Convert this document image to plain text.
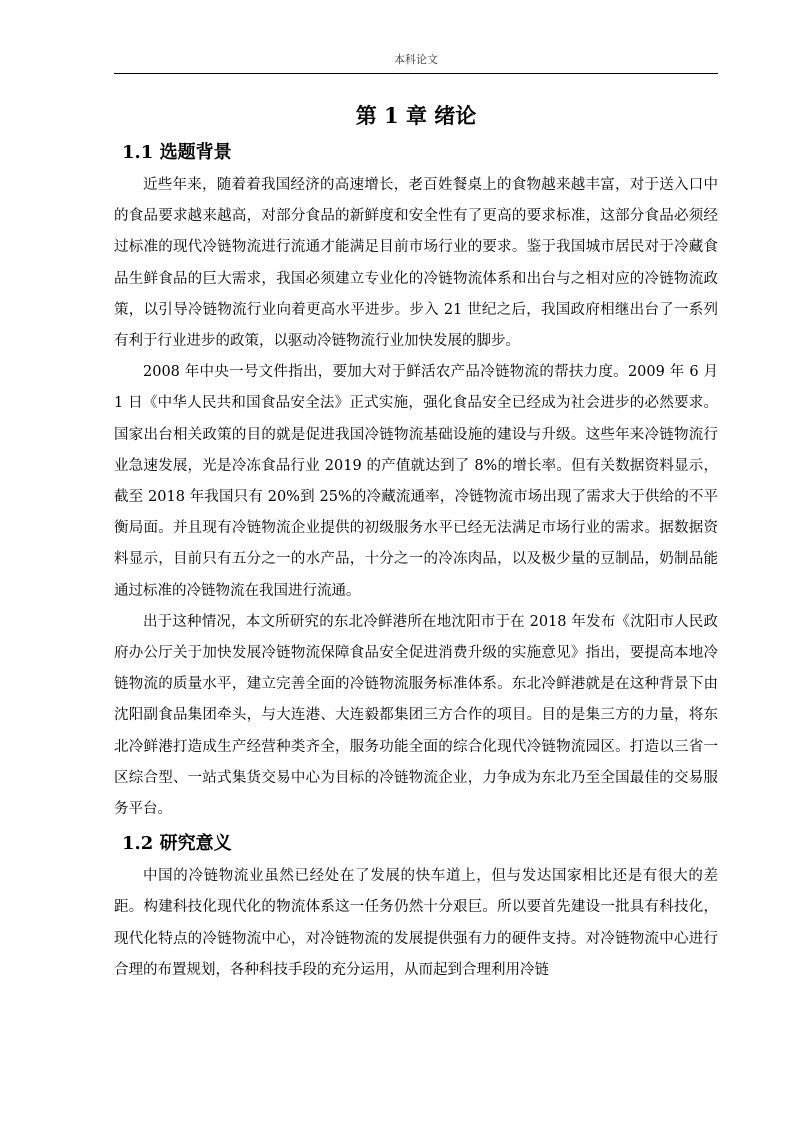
本科论文
第 1 章 绪论
1.1 选题背景

近些年来，随着着我国经济的高速增长，老百姓餐桌上的食物越来越丰富，对于送入口中的食品要求越来越高，对部分食品的新鲜度和安全性有了更高的要求标准，这部分食品必须经过标准的现代冷链物流进行流通才能满足目前市场行业的要求。鉴于我国城市居民对于冷藏食品生鲜食品的巨大需求，我国必须建立专业化的冷链物流体系和出台与之相对应的冷链物流政策，以引导冷链物流行业向着更高水平进步。步入 21 世纪之后，我国政府相继出台了一系列有利于行业进步的政策，以驱动冷链物流行业加快发展的脚步。

2008 年中央一号文件指出，要加大对于鲜活农产品冷链物流的帮扶力度。2009 年 6 月 1 日《中华人民共和国食品安全法》正式实施，强化食品安全已经成为社会进步的必然要求。国家出台相关政策的目的就是促进我国冷链物流基础设施的建设与升级。这些年来冷链物流行业急速发展，光是冷冻食品行业 2019 的产值就达到了 8%的增长率。但有关数据资料显示，截至 2018 年我国只有 20%到 25%的冷藏流通率，冷链物流市场出现了需求大于供给的不平衡局面。并且现有冷链物流企业提供的初级服务水平已经无法满足市场行业的需求。据数据资料显示，目前只有五分之一的水产品，十分之一的冷冻肉品，以及极少量的豆制品，奶制品能通过标准的冷链物流在我国进行流通。

出于这种情况，本文所研究的东北冷鲜港所在地沈阳市于在 2018 年发布《沈阳市人民政府办公厅关于加快发展冷链物流保障食品安全促进消费升级的实施意见》指出，要提高本地冷链物流的质量水平，建立完善全面的冷链物流服务标准体系。东北冷鲜港就是在这种背景下由沈阳副食品集团牵头，与大连港、大连毅都集团三方合作的项目。目的是集三方的力量，将东北冷鲜港打造成生产经营种类齐全，服务功能全面的综合化现代冷链物流园区。打造以三省一区综合型、一站式集货交易中心为目标的冷链物流企业，力争成为东北乃至全国最佳的交易服务平台。

1.2 研究意义

中国的冷链物流业虽然已经处在了发展的快车道上，但与发达国家相比还是有很大的差距。构建科技化现代化的物流体系这一任务仍然十分艰巨。所以要首先建设一批具有科技化，现代化特点的冷链物流中心，对冷链物流的发展提供强有力的硬件支持。对冷链物流中心进行合理的布置规划，各种科技手段的充分运用，从而起到合理利用冷链
